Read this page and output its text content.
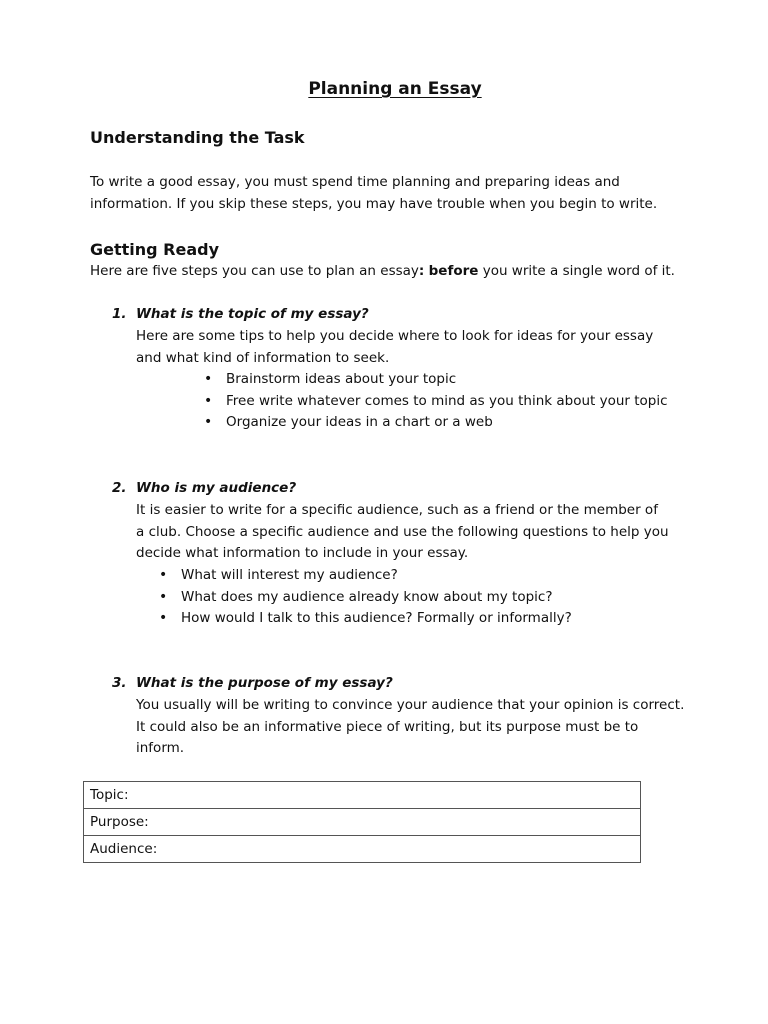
Planning an Essay
Understanding the Task
To write a good essay, you must spend time planning and preparing ideas and
information. If you skip these steps, you may have trouble when you begin to write.
Getting Ready
Here are five steps you can use to plan an essay: before you write a single word of it.
1. What is the topic of my essay?
Here are some tips to help you decide where to look for ideas for your essay
and what kind of information to seek.
• Brainstorm ideas about your topic
• Free write whatever comes to mind as you think about your topic
• Organize your ideas in a chart or a web
2. Who is my audience?
It is easier to write for a specific audience, such as a friend or the member of
a club. Choose a specific audience and use the following questions to help you
decide what information to include in your essay.
• What will interest my audience?
• What does my audience already know about my topic?
• How would I talk to this audience? Formally or informally?
3. What is the purpose of my essay?
You usually will be writing to convince your audience that your opinion is correct.
It could also be an informative piece of writing, but its purpose must be to
inform.
Topic:
Purpose:
Audience:
